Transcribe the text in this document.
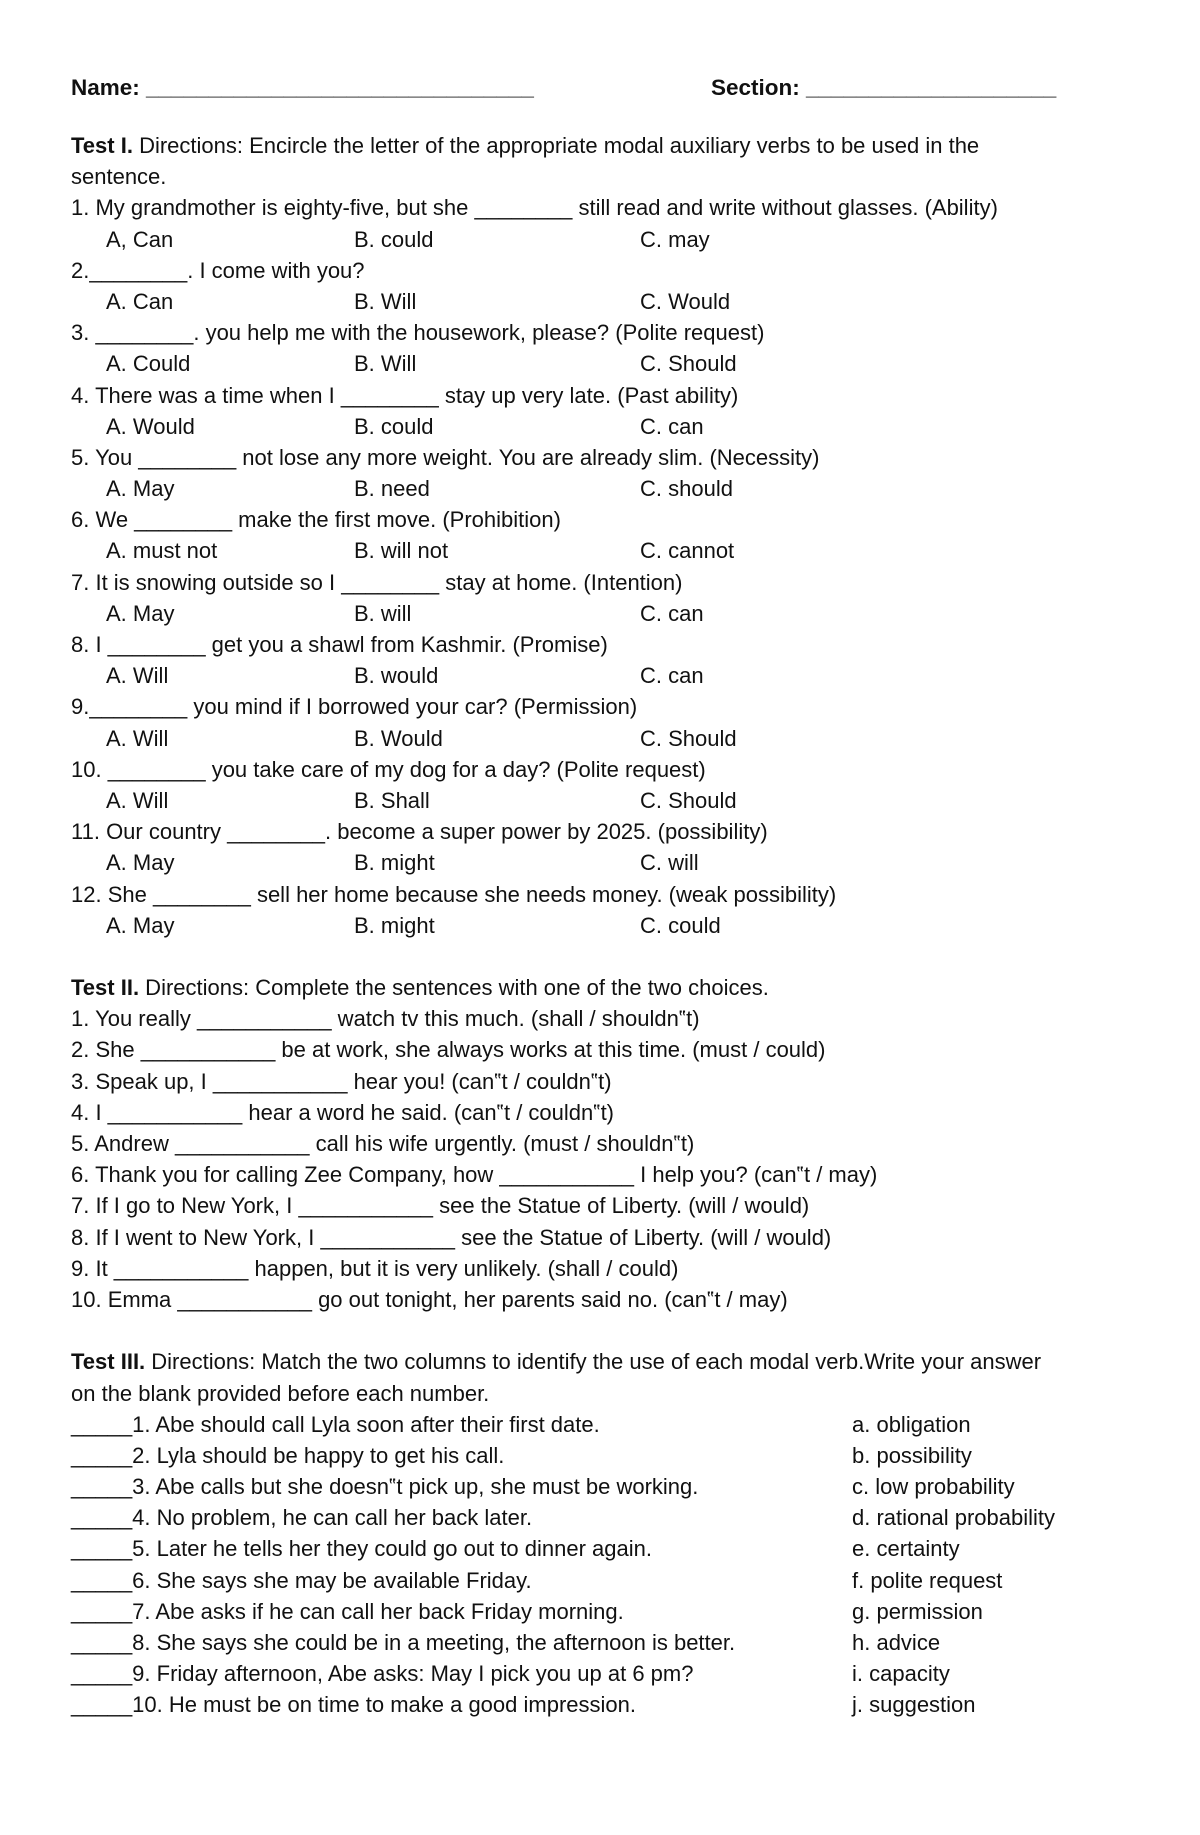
Name: _______________________________	Section: ____________________
Test I. Directions: Encircle the letter of the appropriate modal auxiliary verbs to be used in the
sentence.
1. My grandmother is eighty-five, but she ________ still read and write without glasses. (Ability)
A, Can	B. could	C. may
2.________. I come with you?
A. Can	B. Will	C. Would
3. ________. you help me with the housework, please? (Polite request)
A. Could	B. Will	C. Should
4. There was a time when I ________ stay up very late. (Past ability)
A. Would	B. could	C. can
5. You ________ not lose any more weight. You are already slim. (Necessity)
A. May	B. need	C. should
6. We ________ make the first move. (Prohibition)
A. must not	B. will not	C. cannot
7. It is snowing outside so I ________ stay at home. (Intention)
A. May	B. will	C. can
8. I ________ get you a shawl from Kashmir. (Promise)
A. Will	B. would	C. can
9.________ you mind if I borrowed your car? (Permission)
A. Will	B. Would	C. Should
10. ________ you take care of my dog for a day? (Polite request)
A. Will	B. Shall	C. Should
11. Our country ________. become a super power by 2025. (possibility)
A. May	B. might	C. will
12. She ________ sell her home because she needs money. (weak possibility)
A. May	B. might	C. could
Test II. Directions: Complete the sentences with one of the two choices.
1. You really ___________ watch tv this much. (shall / shouldn‟t)
2. She ___________ be at work, she always works at this time. (must / could)
3. Speak up, I ___________ hear you! (can‟t / couldn‟t)
4. I ___________ hear a word he said. (can‟t / couldn‟t)
5. Andrew ___________ call his wife urgently. (must / shouldn‟t)
6. Thank you for calling Zee Company, how ___________ I help you? (can‟t / may)
7. If I go to New York, I ___________ see the Statue of Liberty. (will / would)
8. If I went to New York, I ___________ see the Statue of Liberty. (will / would)
9. It ___________ happen, but it is very unlikely. (shall / could)
10. Emma ___________ go out tonight, her parents said no. (can‟t / may)
Test III. Directions: Match the two columns to identify the use of each modal verb.Write your answer
on the blank provided before each number.
_____1. Abe should call Lyla soon after their first date.	a. obligation
_____2. Lyla should be happy to get his call.	b. possibility
_____3. Abe calls but she doesn‟t pick up, she must be working.	c. low probability
_____4. No problem, he can call her back later.	d. rational probability
_____5. Later he tells her they could go out to dinner again.	e. certainty
_____6. She says she may be available Friday.	f. polite request
_____7. Abe asks if he can call her back Friday morning.	g. permission
_____8. She says she could be in a meeting, the afternoon is better.	h. advice
_____9. Friday afternoon, Abe asks: May I pick you up at 6 pm?	i. capacity
_____10. He must be on time to make a good impression.	j. suggestion
